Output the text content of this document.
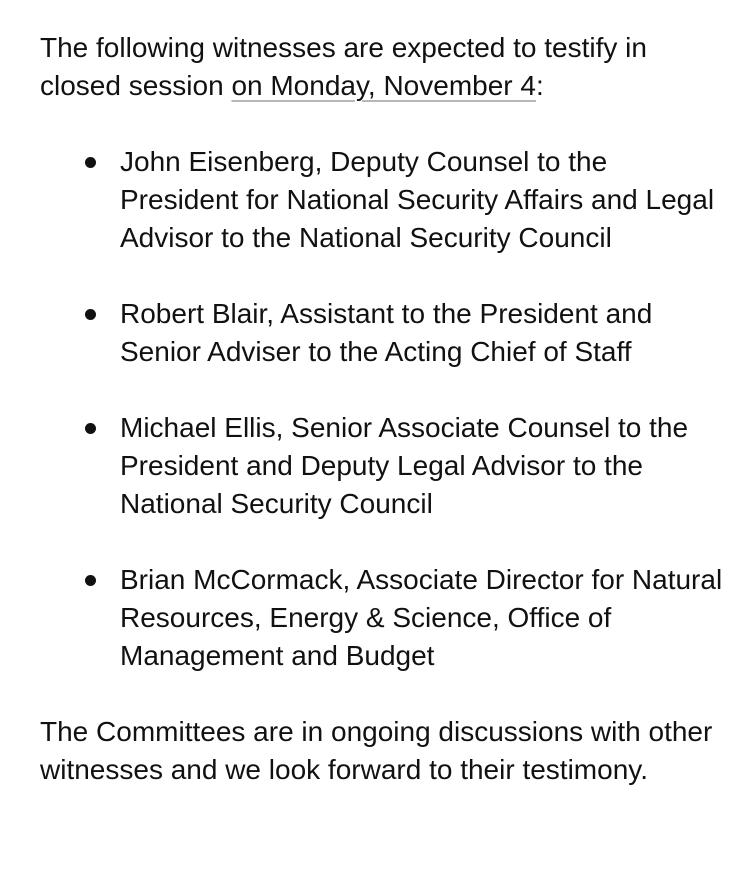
The following witnesses are expected to testify in closed session on Monday, November 4:

John Eisenberg, Deputy Counsel to the President for National Security Affairs and Legal Advisor to the National Security Council
Robert Blair, Assistant to the President and Senior Adviser to the Acting Chief of Staff
Michael Ellis, Senior Associate Counsel to the President and Deputy Legal Advisor to the National Security Council
Brian McCormack, Associate Director for Natural Resources, Energy & Science, Office of Management and Budget

The Committees are in ongoing discussions with other witnesses and we look forward to their testimony.
